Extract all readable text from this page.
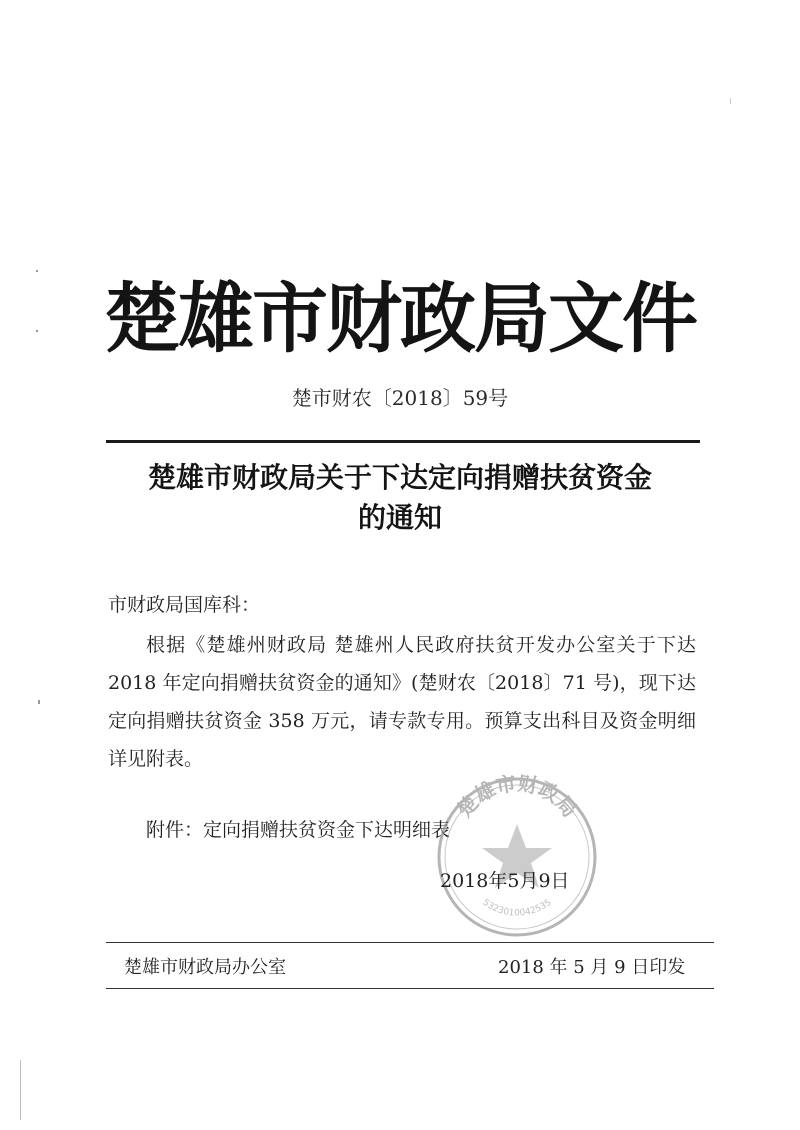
楚雄市财政局文件
楚市财农〔2018〕59号
楚雄市财政局关于下达定向捐赠扶贫资金
的通知
市财政局国库科：
根据《楚雄州财政局 楚雄州人民政府扶贫开发办公室关于下达 2018 年定向捐赠扶贫资金的通知》(楚财农〔2018〕71 号)，现下达定向捐赠扶贫资金 358 万元，请专款专用。预算支出科目及资金明细详见附表。
附件：定向捐赠扶贫资金下达明细表
楚雄市财政局
5323010042535
2018年5月9日
楚雄市财政局办公室	2018 年 5 月 9 日印发
